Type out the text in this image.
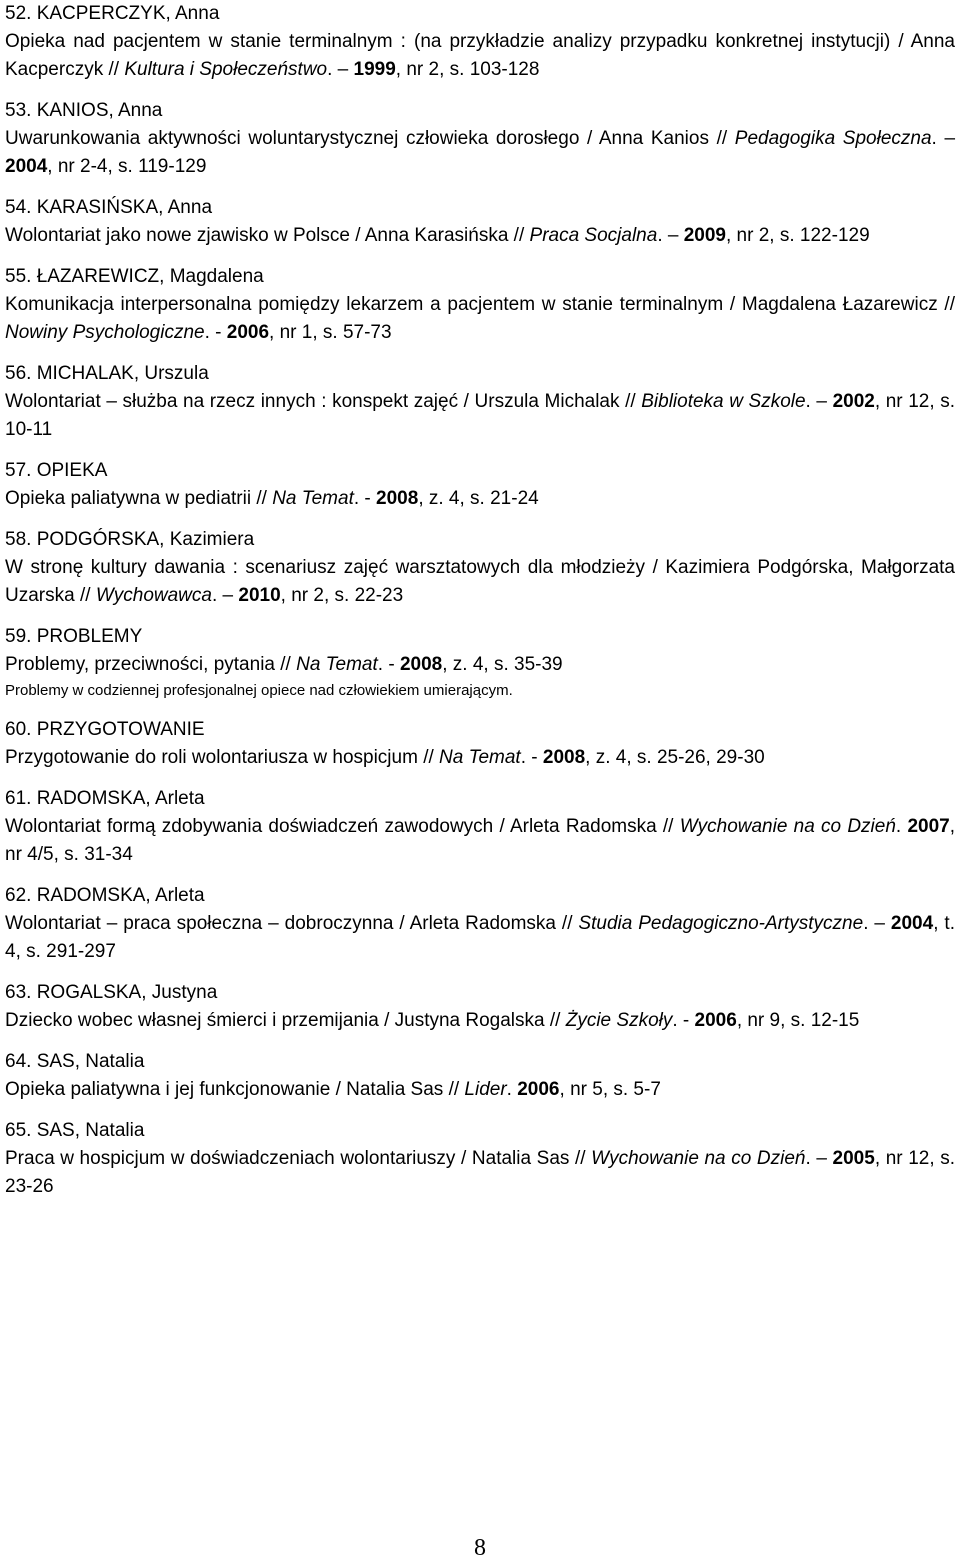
52. KACPERCZYK, Anna

Opieka nad pacjentem w stanie terminalnym : (na przykładzie analizy przypadku konkretnej instytucji) / Anna Kacperczyk // Kultura i Społeczeństwo. – 1999, nr 2, s. 103-128

53. KANIOS, Anna

Uwarunkowania aktywności woluntarystycznej człowieka dorosłego / Anna Kanios // Pedagogika Społeczna. – 2004, nr 2-4, s. 119-129

54. KARASIŃSKA, Anna

Wolontariat jako nowe zjawisko w Polsce / Anna Karasińska // Praca Socjalna. – 2009, nr 2, s. 122-129

55. ŁAZAREWICZ, Magdalena

Komunikacja interpersonalna pomiędzy lekarzem a pacjentem w stanie terminalnym / Magdalena Łazarewicz // Nowiny Psychologiczne. - 2006, nr 1, s. 57-73

56. MICHALAK, Urszula

Wolontariat – służba na rzecz innych : konspekt zajęć / Urszula Michalak // Biblioteka w Szkole. – 2002, nr 12, s. 10-11

57. OPIEKA

Opieka paliatywna w pediatrii // Na Temat. - 2008, z. 4, s. 21-24

58. PODGÓRSKA, Kazimiera

W stronę kultury dawania : scenariusz zajęć warsztatowych dla młodzieży / Kazimiera Podgórska, Małgorzata Uzarska // Wychowawca. – 2010, nr 2, s. 22-23

59. PROBLEMY

Problemy, przeciwności, pytania // Na Temat. - 2008, z. 4, s. 35-39

Problemy w codziennej profesjonalnej opiece nad człowiekiem umierającym.

60. PRZYGOTOWANIE

Przygotowanie do roli wolontariusza w hospicjum // Na Temat. - 2008, z. 4, s. 25-26, 29-30

61. RADOMSKA, Arleta

Wolontariat formą zdobywania doświadczeń zawodowych / Arleta Radomska // Wychowanie na co Dzień. 2007, nr 4/5, s. 31-34

62. RADOMSKA, Arleta

Wolontariat – praca społeczna – dobroczynna / Arleta Radomska // Studia Pedagogiczno-Artystyczne. – 2004, t. 4, s. 291-297

63. ROGALSKA, Justyna

Dziecko wobec własnej śmierci i przemijania / Justyna Rogalska // Życie Szkoły. - 2006, nr 9, s. 12-15

64. SAS, Natalia

Opieka paliatywna i jej funkcjonowanie / Natalia Sas // Lider. 2006, nr 5, s. 5-7

65. SAS, Natalia

Praca w hospicjum w doświadczeniach wolontariuszy / Natalia Sas // Wychowanie na co Dzień. – 2005, nr 12, s. 23-26

8
